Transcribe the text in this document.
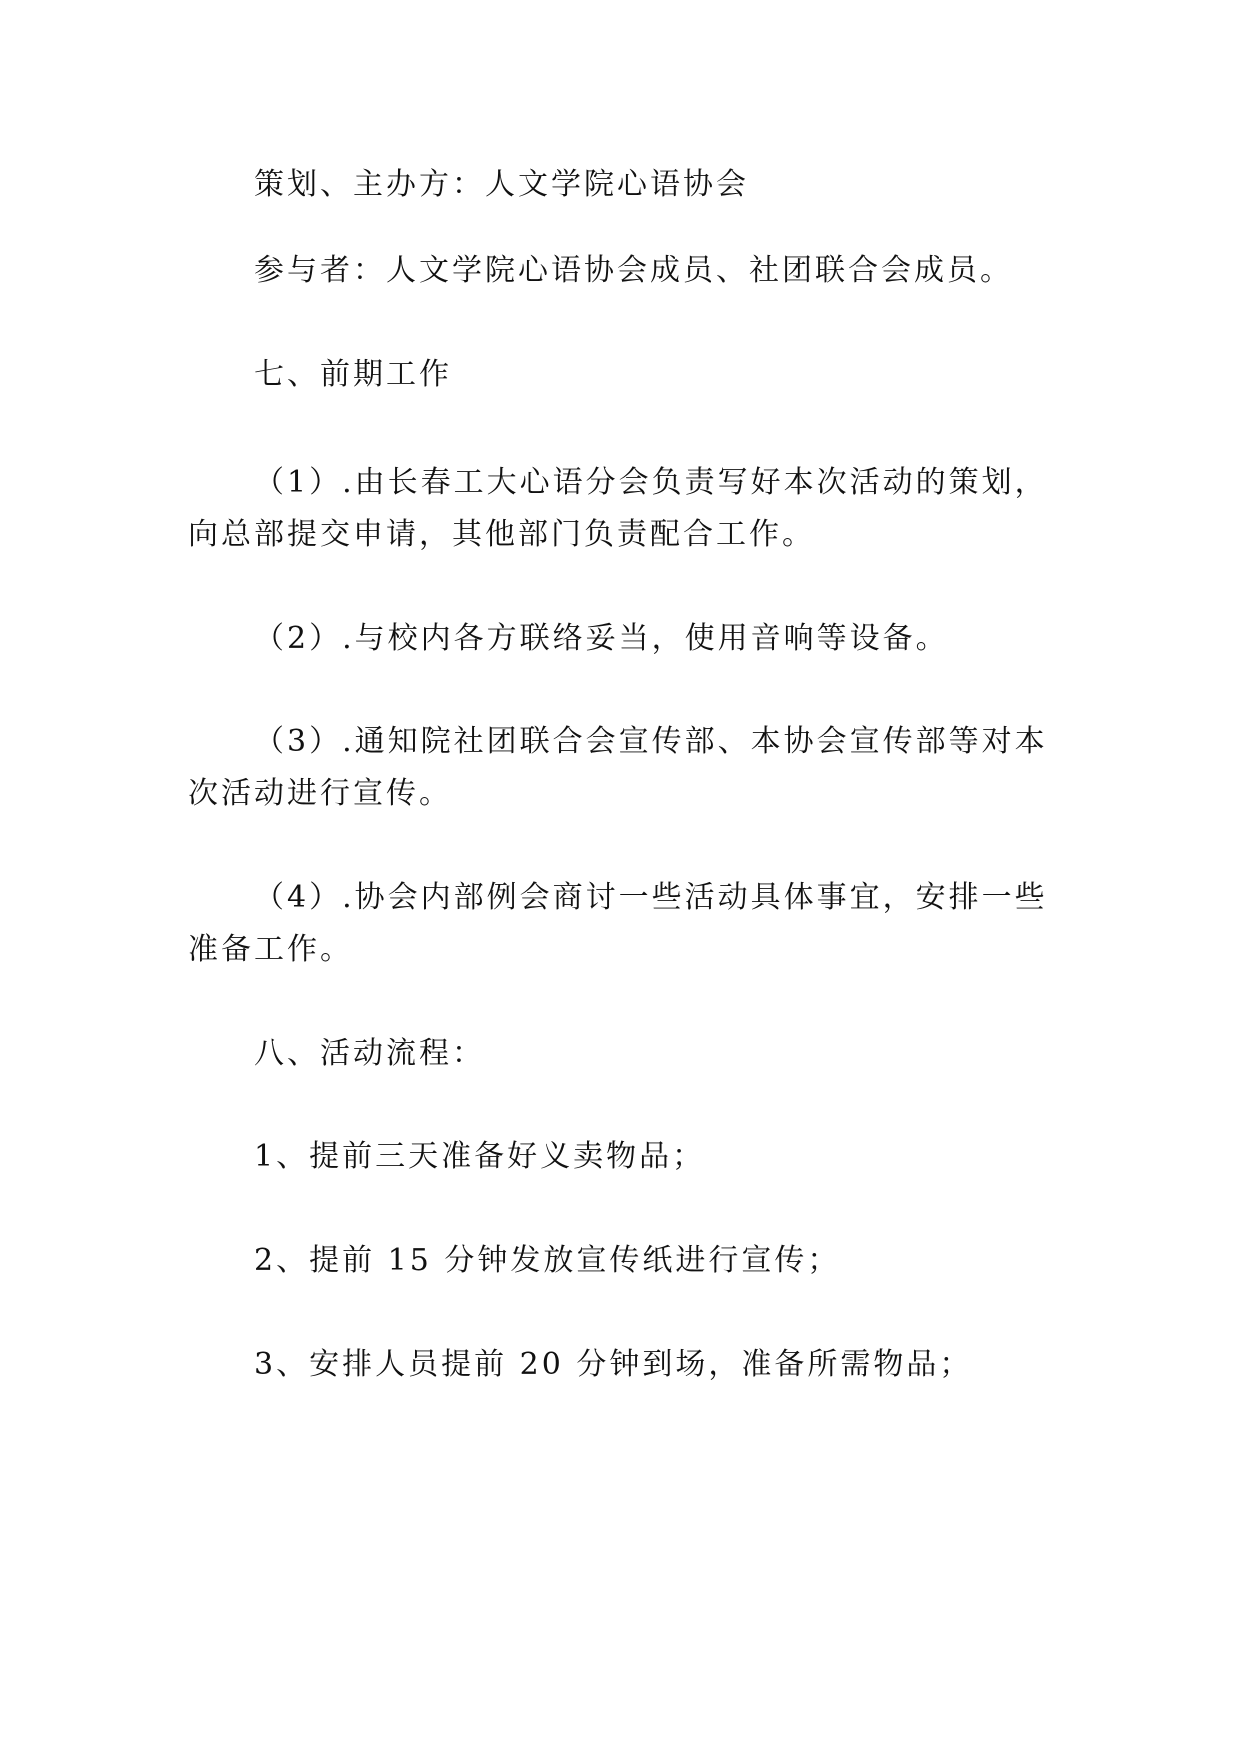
策划、主办方：人文学院心语协会
参与者：人文学院心语协会成员、社团联合会成员。
七、前期工作
（1）.由长春工大心语分会负责写好本次活动的策划，
向总部提交申请，其他部门负责配合工作。
（2）.与校内各方联络妥当，使用音响等设备。
（3）.通知院社团联合会宣传部、本协会宣传部等对本
次活动进行宣传。
（4）.协会内部例会商讨一些活动具体事宜，安排一些
准备工作。
八、活动流程：
1、提前三天准备好义卖物品；
2、提前 15 分钟发放宣传纸进行宣传；
3、安排人员提前 20 分钟到场，准备所需物品；
